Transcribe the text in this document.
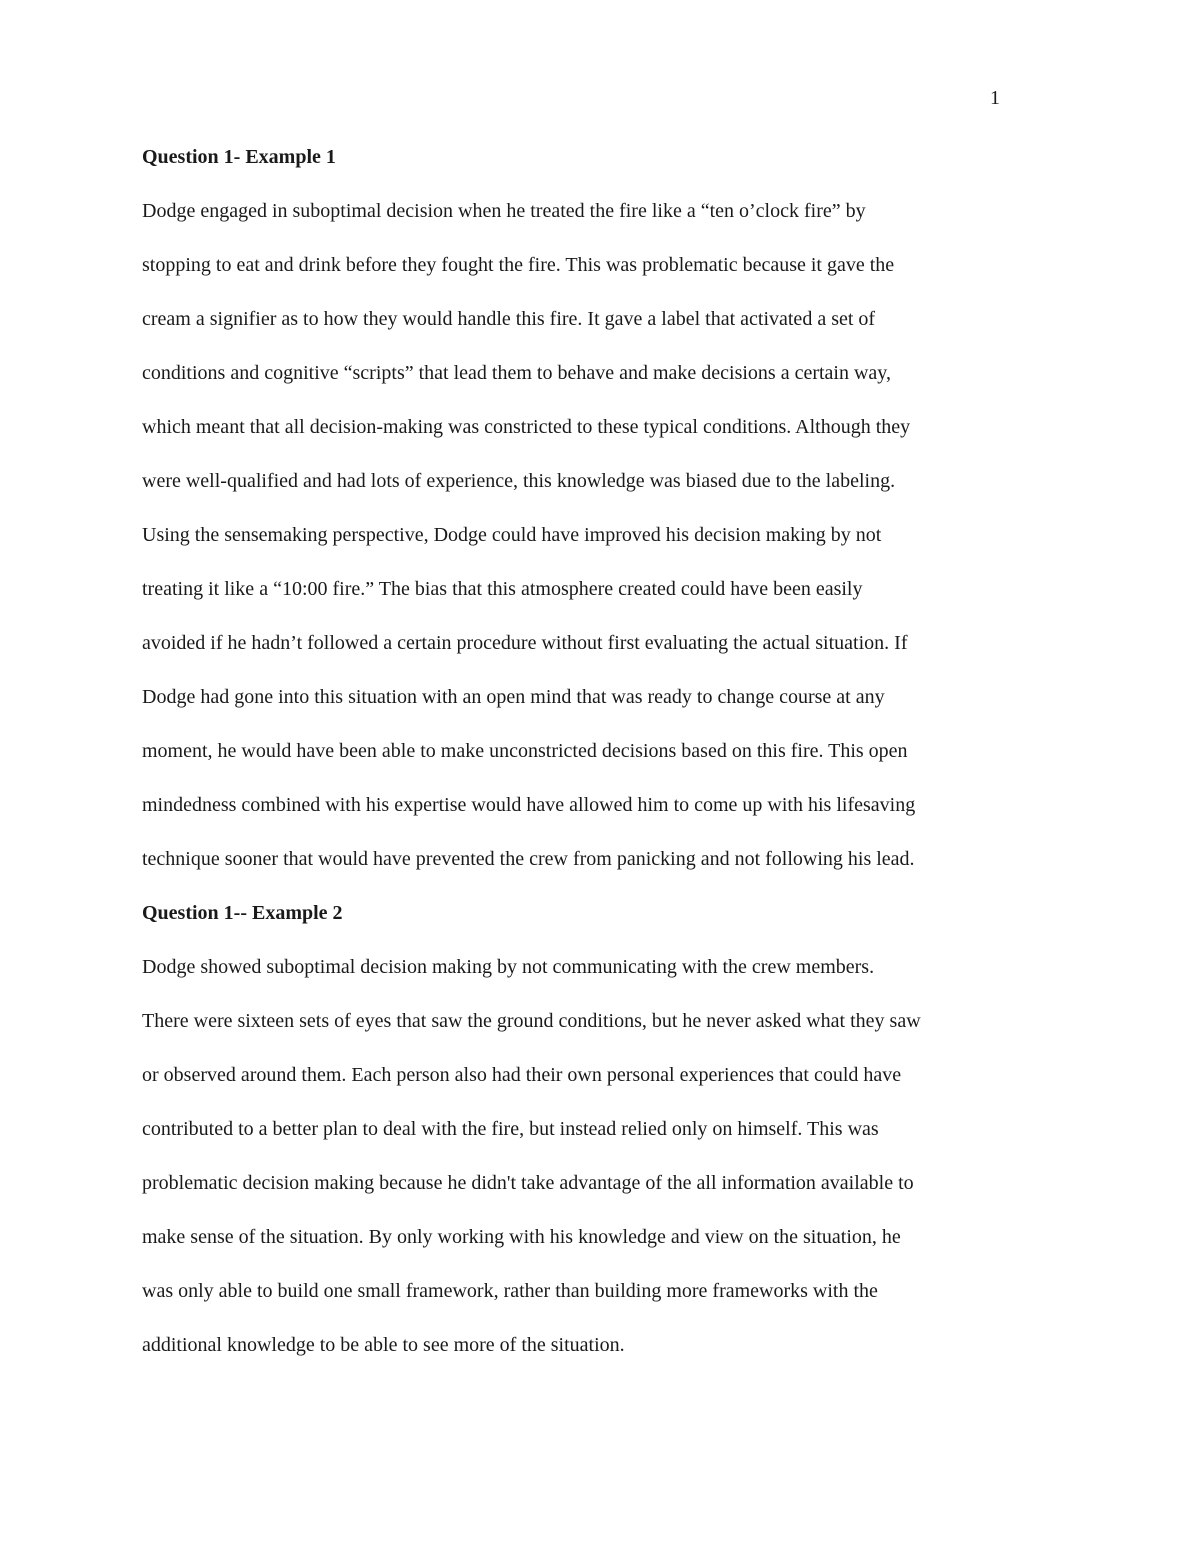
1

Question 1- Example 1

Dodge engaged in suboptimal decision when he treated the fire like a “ten o’clock fire” by

stopping to eat and drink before they fought the fire. This was problematic because it gave the

cream a signifier as to how they would handle this fire. It gave a label that activated a set of

conditions and cognitive “scripts” that lead them to behave and make decisions a certain way,

which meant that all decision-making was constricted to these typical conditions. Although they

were well-qualified and had lots of experience, this knowledge was biased due to the labeling.

Using the sensemaking perspective, Dodge could have improved his decision making by not

treating it like a “10:00 fire.” The bias that this atmosphere created could have been easily

avoided if he hadn’t followed a certain procedure without first evaluating the actual situation. If

Dodge had gone into this situation with an open mind that was ready to change course at any

moment, he would have been able to make unconstricted decisions based on this fire. This open

mindedness combined with his expertise would have allowed him to come up with his lifesaving

technique sooner that would have prevented the crew from panicking and not following his lead.

Question 1-- Example 2

Dodge showed suboptimal decision making by not communicating with the crew members.

There were sixteen sets of eyes that saw the ground conditions, but he never asked what they saw

or observed around them. Each person also had their own personal experiences that could have

contributed to a better plan to deal with the fire, but instead relied only on himself. This was

problematic decision making because he didn't take advantage of the all information available to

make sense of the situation. By only working with his knowledge and view on the situation, he

was only able to build one small framework, rather than building more frameworks with the

additional knowledge to be able to see more of the situation.
